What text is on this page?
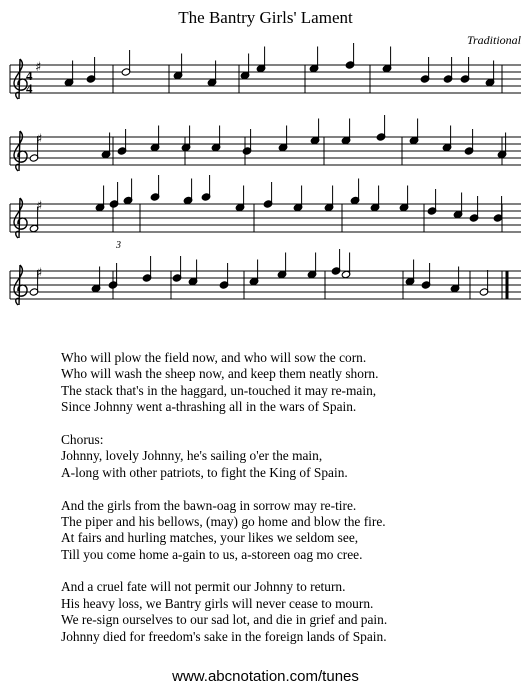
The Bantry Girls' Lament
Traditional
♯
♯
♯
♯
4
4
3
Who will plow the field now, and who will sow the corn.
Who will wash the sheep now, and keep them neatly shorn.
The stack that's in the haggard, un-touched it may re-main,
Since Johnny went a-thrashing all in the wars of Spain.
Chorus:
Johnny, lovely Johnny, he's sailing o'er the main,
A-long with other patriots, to fight the King of Spain.
And the girls from the bawn-oag in sorrow may re-tire.
The piper and his bellows, (may) go home and blow the fire.
At fairs and hurling matches, your likes we seldom see,
Till you come home a-gain to us, a-storeen oag mo cree.
And a cruel fate will not permit our Johnny to return.
His heavy loss, we Bantry girls will never cease to mourn.
We re-sign ourselves to our sad lot, and die in grief and pain.
Johnny died for freedom's sake in the foreign lands of Spain.
www.abcnotation.com/tunes
